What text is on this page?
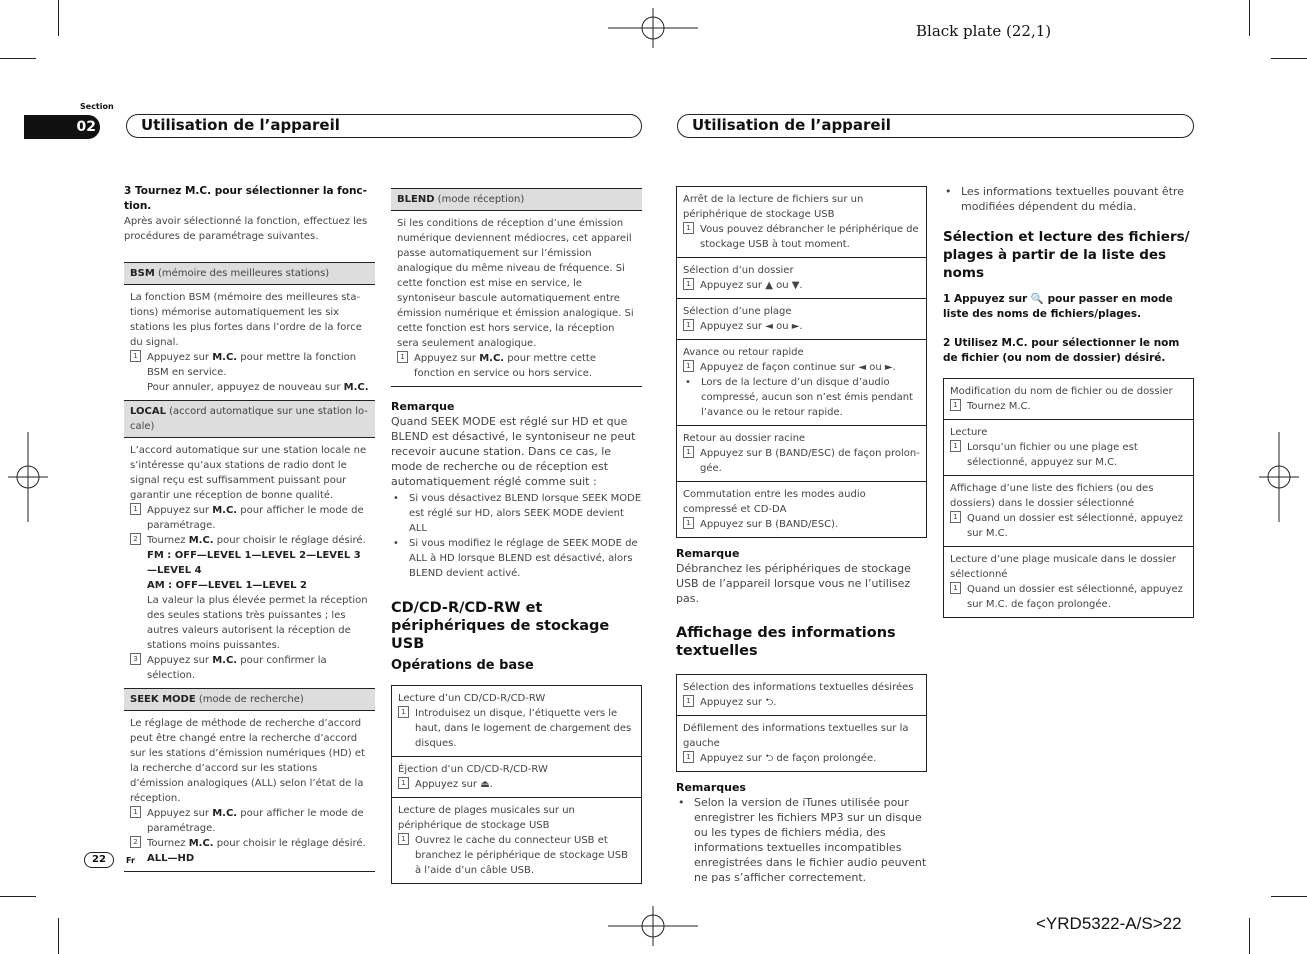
Black plate (22,1)
<YRD5322-A/S>22
Section
02	Utilisation de l’appareil	Utilisation de l’appareil
3 Tournez M.C. pour sélectionner la fonction.
Après avoir sélectionné la fonction, effectuez les procédures de paramétrage suivantes.
BSM (mémoire des meilleures stations)
La fonction BSM (mémoire des meilleures stations) mémorise automatiquement les six stations les plus fortes dans l’ordre de la force du signal.
1 Appuyez sur M.C. pour mettre la fonction BSM en service.
Pour annuler, appuyez de nouveau sur M.C.
LOCAL (accord automatique sur une station locale)
L’accord automatique sur une station locale ne s’intéresse qu’aux stations de radio dont le signal reçu est suffisamment puissant pour garantir une réception de bonne qualité.
1 Appuyez sur M.C. pour afficher le mode de paramétrage.
2 Tournez M.C. pour choisir le réglage désiré.
FM : OFF—LEVEL 1—LEVEL 2—LEVEL 3—LEVEL 4
AM : OFF—LEVEL 1—LEVEL 2
La valeur la plus élevée permet la réception des seules stations très puissantes ; les autres valeurs autorisent la réception de stations moins puissantes.
3 Appuyez sur M.C. pour confirmer la sélection.
SEEK MODE (mode de recherche)
Le réglage de méthode de recherche d’accord peut être changé entre la recherche d’accord sur les stations d’émission numériques (HD) et la recherche d’accord sur les stations d’émission analogiques (ALL) selon l’état de la réception.
1 Appuyez sur M.C. pour afficher le mode de paramétrage.
2 Tournez M.C. pour choisir le réglage désiré.
ALL—HD
BLEND (mode réception)
Si les conditions de réception d’une émission numérique deviennent médiocres, cet appareil passe automatiquement sur l’émission analogique du même niveau de fréquence. Si cette fonction est mise en service, le syntoniseur bascule automatiquement entre émission numérique et émission analogique. Si cette fonction est hors service, la réception sera seulement analogique.
1 Appuyez sur M.C. pour mettre cette fonction en service ou hors service.
Remarque
Quand SEEK MODE est réglé sur HD et que BLEND est désactivé, le syntoniseur ne peut recevoir aucune station. Dans ce cas, le mode de recherche ou de réception est automatiquement réglé comme suit :
•	Si vous désactivez BLEND lorsque SEEK MODE est réglé sur HD, alors SEEK MODE devient ALL
•	Si vous modifiez le réglage de SEEK MODE de ALL à HD lorsque BLEND est désactivé, alors BLEND devient activé.
CD/CD-R/CD-RW et périphériques de stockage USB
Opérations de base
Lecture d’un CD/CD-R/CD-RW
1 Introduisez un disque, l’étiquette vers le haut, dans le logement de chargement des disques.
Éjection d’un CD/CD-R/CD-RW
1 Appuyez sur ⏏.
Lecture de plages musicales sur un périphérique de stockage USB
1 Ouvrez le cache du connecteur USB et branchez le périphérique de stockage USB à l’aide d’un câble USB.
Arrêt de la lecture de fichiers sur un périphérique de stockage USB
1 Vous pouvez débrancher le périphérique de stockage USB à tout moment.
Sélection d’un dossier
1 Appuyez sur ▲ ou ▼.
Sélection d’une plage
1 Appuyez sur ◄ ou ►.
Avance ou retour rapide
1 Appuyez de façon continue sur ◄ ou ►.
•	Lors de la lecture d’un disque d’audio compressé, aucun son n’est émis pendant l’avance ou le retour rapide.
Retour au dossier racine
1 Appuyez sur B (BAND/ESC) de façon prolongée.
Commutation entre les modes audio compressé et CD-DA
1 Appuyez sur B (BAND/ESC).
Remarque
Débranchez les périphériques de stockage USB de l’appareil lorsque vous ne l’utilisez pas.
Affichage des informations textuelles
Sélection des informations textuelles désirées
1 Appuyez sur ⮌.
Défilement des informations textuelles sur la gauche
1 Appuyez sur ⮌ de façon prolongée.
Remarques
• Selon la version de iTunes utilisée pour enregistrer les fichiers MP3 sur un disque ou les types de fichiers média, des informations textuelles incompatibles enregistrées dans le fichier audio peuvent ne pas s’afficher correctement.
• Les informations textuelles pouvant être modifiées dépendent du média.
Sélection et lecture des fichiers/ plages à partir de la liste des noms
1 Appuyez sur 🔍 pour passer en mode liste des noms de fichiers/plages.
2 Utilisez M.C. pour sélectionner le nom de fichier (ou nom de dossier) désiré.
Modification du nom de fichier ou de dossier
1 Tournez M.C.
Lecture
1 Lorsqu’un fichier ou une plage est sélectionné, appuyez sur M.C.
Affichage d’une liste des fichiers (ou des dossiers) dans le dossier sélectionné
1 Quand un dossier est sélectionné, appuyez sur M.C.
Lecture d’une plage musicale dans le dossier sélectionné
1 Quand un dossier est sélectionné, appuyez sur M.C. de façon prolongée.
22	Fr
